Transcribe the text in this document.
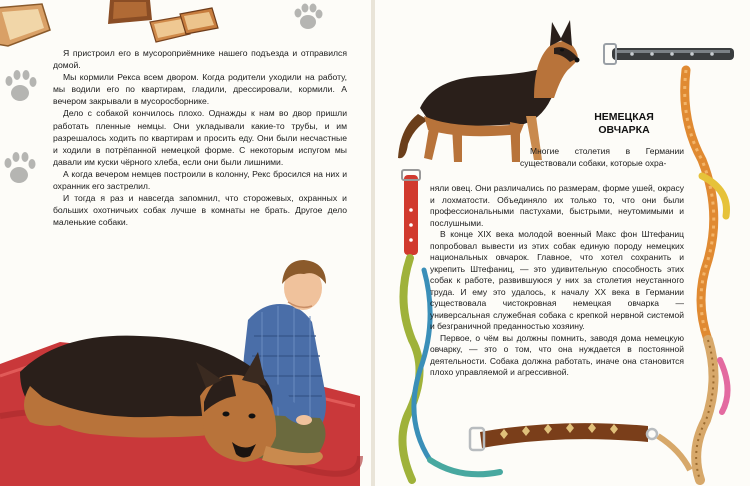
Я пристроил его в мусороприёмнике нашего подъезда и отправился домой.

Мы кормили Рекса всем двором. Когда родители уходили на работу, мы водили его по квартирам, гладили, дрессировали, кормили. А вечером закрывали в мусоросборнике.

Дело с собакой кончилось плохо. Однажды к нам во двор пришли работать пленные немцы. Они укладывали какие-то трубы, и им разрешалось ходить по квартирам и просить еду. Они были несчастные и ходили в потрёпанной немецкой форме. С некоторым испугом мы давали им куски чёрного хлеба, если они были лишними.

А когда вечером немцев построили в колонну, Рекс бросился на них и охранник его застрелил.

И тогда я раз и навсегда запомнил, что сторожевых, охранных и больших охотничьих собак лучше в комнаты не брать. Другое дело маленькие собаки.

НЕМЕЦКАЯ
ОВЧАРКА

Многие столетия в Германии существовали собаки, которые охра-

няли овец. Они различались по размерам, форме ушей, окрасу и лохматости. Объединяло их только то, что они были профессиональными пастухами, быстрыми, неутомимыми и послушными.

В конце XIX века молодой военный Макс фон Штефаниц попробовал вывести из этих собак единую породу немецких национальных овчарок. Главное, что хотел сохранить и укрепить Штефаниц, — это удивительную способность этих собак к работе, развившуюся у них за столетия неустанного труда. И ему это удалось, к началу XX века в Германии существовала чистокровная немецкая овчарка — универсальная служебная собака с крепкой нервной системой и безграничной преданностью хозяину.

Первое, о чём вы должны помнить, заводя дома немецкую овчарку, — это о том, что она нуждается в постоянной деятельности. Собака должна работать, иначе она становится плохо управляемой и агрессивной.
